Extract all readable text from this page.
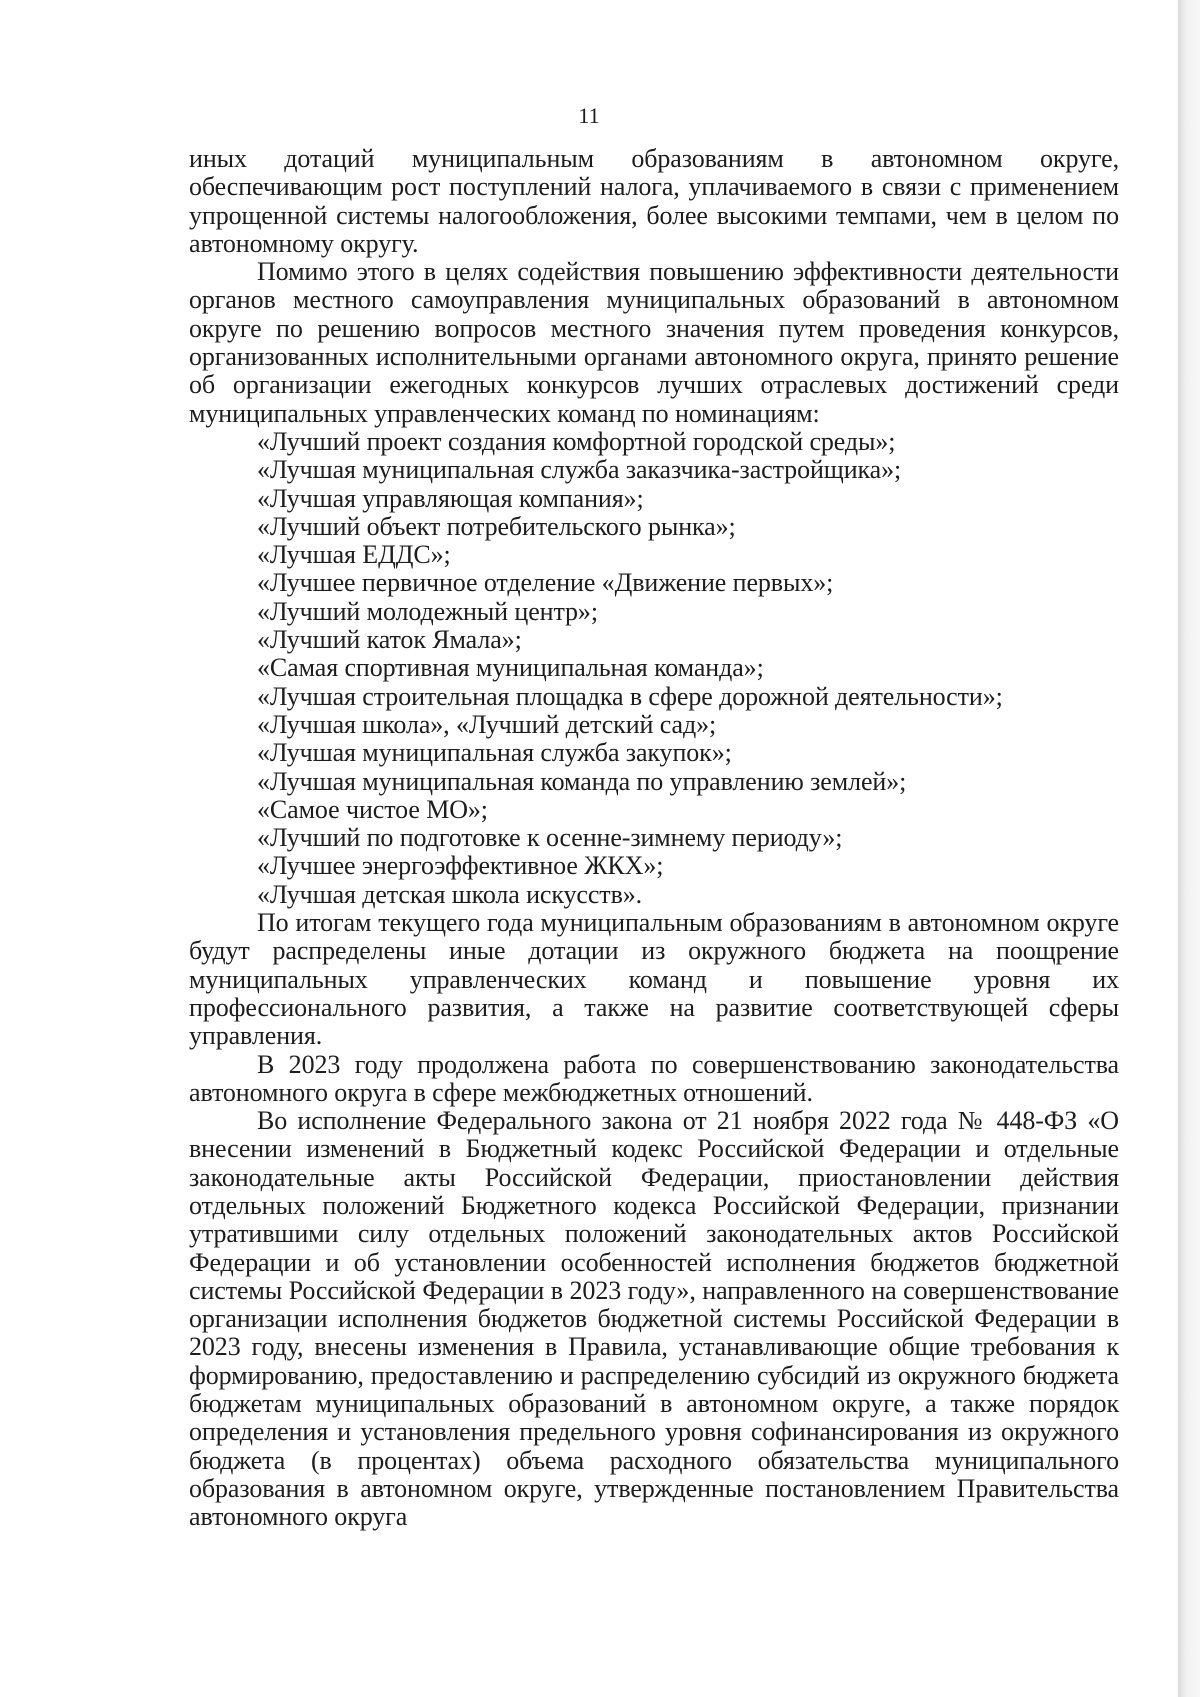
11

иных дотаций муниципальным образованиям в автономном округе, обеспечивающим рост поступлений налога, уплачиваемого в связи с применением упрощенной системы налогообложения, более высокими темпами, чем в целом по автономному округу.

Помимо этого в целях содействия повышению эффективности деятельности органов местного самоуправления муниципальных образований в автономном округе по решению вопросов местного значения путем проведения конкурсов, организованных исполнительными органами автономного округа, принято решение об организации ежегодных конкурсов лучших отраслевых достижений среди муниципальных управленческих команд по номинациям:

«Лучший проект создания комфортной городской среды»;
«Лучшая муниципальная служба заказчика-застройщика»;
«Лучшая управляющая компания»;
«Лучший объект потребительского рынка»;
«Лучшая ЕДДС»;
«Лучшее первичное отделение «Движение первых»;
«Лучший молодежный центр»;
«Лучший каток Ямала»;
«Самая спортивная муниципальная команда»;
«Лучшая строительная площадка в сфере дорожной деятельности»;
«Лучшая школа», «Лучший детский сад»;
«Лучшая муниципальная служба закупок»;
«Лучшая муниципальная команда по управлению землей»;
«Самое чистое МО»;
«Лучший по подготовке к осенне-зимнему периоду»;
«Лучшее энергоэффективное ЖКХ»;
«Лучшая детская школа искусств».

По итогам текущего года муниципальным образованиям в автономном округе будут распределены иные дотации из окружного бюджета на поощрение муниципальных управленческих команд и повышение уровня их профессионального развития, а также на развитие соответствующей сферы управления.

В 2023 году продолжена работа по совершенствованию законодательства автономного округа в сфере межбюджетных отношений.

Во исполнение Федерального закона от 21 ноября 2022 года № 448-ФЗ «О внесении изменений в Бюджетный кодекс Российской Федерации и отдельные законодательные акты Российской Федерации, приостановлении действия отдельных положений Бюджетного кодекса Российской Федерации, признании утратившими силу отдельных положений законодательных актов Российской Федерации и об установлении особенностей исполнения бюджетов бюджетной системы Российской Федерации в 2023 году», направленного на совершенствование организации исполнения бюджетов бюджетной системы Российской Федерации в 2023 году, внесены изменения в Правила, устанавливающие общие требования к формированию, предоставлению и распределению субсидий из окружного бюджета бюджетам муниципальных образований в автономном округе, а также порядок определения и установления предельного уровня софинансирования из окружного бюджета (в процентах) объема расходного обязательства муниципального образования в автономном округе, утвержденные постановлением Правительства автономного округа
